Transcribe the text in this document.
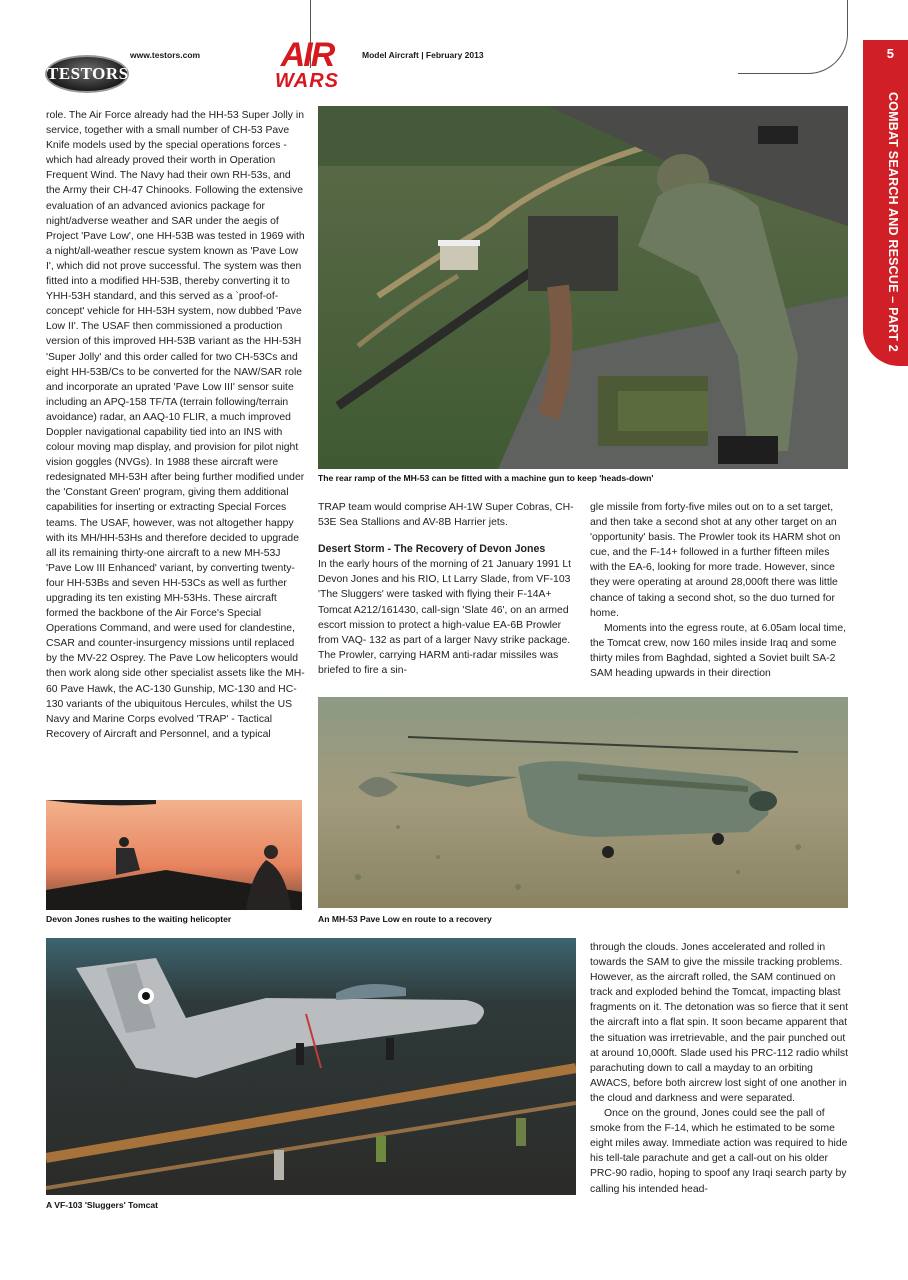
TESTORS
www.testors.com	AIR
WARS
Model Aircraft | February 2013	5
COMBAT SEARCH AND RESCUE – PART 2

role. The Air Force already had the HH-53 Super Jolly in service, together with a small number of CH-53 Pave Knife models used by the special operations forces - which had already proved their worth in Operation Frequent Wind. The Navy had their own RH-53s, and the Army their CH-47 Chinooks. Following the extensive evaluation of an advanced avionics package for night/adverse weather and SAR under the aegis of Project 'Pave Low', one HH-53B was tested in 1969 with a night/all-weather rescue system known as 'Pave Low I', which did not prove successful. The system was then fitted into a modified HH-53B, thereby converting it to YHH-53H standard, and this served as a `proof-of-concept' vehicle for HH-53H system, now dubbed 'Pave Low II'. The USAF then commissioned a production version of this improved HH-53B variant as the HH-53H 'Super Jolly' and this order called for two CH-53Cs and eight HH-53B/Cs to be converted for the NAW/SAR role and incorporate an uprated 'Pave Low III' sensor suite including an APQ-158 TF/TA (terrain following/terrain avoidance) radar, an AAQ-10 FLIR, a much improved Doppler navigational capability tied into an INS with colour moving map display, and provision for pilot night vision goggles (NVGs). In 1988 these aircraft were redesignated MH-53H after being further modified under the 'Constant Green' program, giving them additional capabilities for inserting or extracting Special Forces teams. The USAF, however, was not altogether happy with its MH/HH-53Hs and therefore decided to upgrade all its remaining thirty-one aircraft to a new MH-53J 'Pave Low III Enhanced' variant, by converting twenty-four HH-53Bs and seven HH-53Cs as well as further upgrading its ten existing MH-53Hs. These aircraft formed the backbone of the Air Force's Special Operations Command, and were used for clandestine, CSAR and counter-insurgency missions until replaced by the MV-22 Osprey. The Pave Low helicopters would then work along side other specialist assets like the MH-60 Pave Hawk, the AC-130 Gunship, MC-130 and HC-130 variants of the ubiquitous Hercules, whilst the US Navy and Marine Corps evolved 'TRAP' - Tactical Recovery of Aircraft and Personnel, and a typical

The rear ramp of the MH-53 can be fitted with a machine gun to keep 'heads-down'

TRAP team would comprise AH-1W Super Cobras, CH-53E Sea Stallions and AV-8B Harrier jets.

Desert Storm - The Recovery of Devon Jones

In the early hours of the morning of 21 January 1991 Lt Devon Jones and his RIO, Lt Larry Slade, from VF-103 'The Sluggers' were tasked with flying their F-14A+ Tomcat A212/161430, call-sign 'Slate 46', on an armed escort mission to protect a high-value EA-6B Prowler from VAQ- 132 as part of a larger Navy strike package. The Prowler, carrying HARM anti-radar missiles was briefed to fire a sin-

gle missile from forty-five miles out on to a set target, and then take a second shot at any other target on an 'opportunity' basis. The Prowler took its HARM shot on cue, and the F-14+ followed in a further fifteen miles with the EA-6, looking for more trade. However, since they were operating at around 28,000ft there was little chance of taking a second shot, so the duo turned for home.

Moments into the egress route, at 6.05am local time, the Tomcat crew, now 160 miles inside Iraq and some thirty miles from Baghdad, sighted a Soviet built SA-2 SAM heading upwards in their direction

Devon Jones rushes to the waiting helicopter	An MH-53 Pave Low en route to a recovery
A VF-103 'Sluggers' Tomcat

through the clouds. Jones accelerated and rolled in towards the SAM to give the missile tracking problems. However, as the aircraft rolled, the SAM continued on track and exploded behind the Tomcat, impacting blast fragments on it. The detonation was so fierce that it sent the aircraft into a flat spin. It soon became apparent that the situation was irretrievable, and the pair punched out at around 10,000ft. Slade used his PRC-112 radio whilst parachuting down to call a mayday to an orbiting AWACS, before both aircrew lost sight of one another in the cloud and darkness and were separated.

Once on the ground, Jones could see the pall of smoke from the F-14, which he estimated to be some eight miles away. Immediate action was required to hide his tell-tale parachute and get a call-out on his older PRC-90 radio, hoping to spoof any Iraqi search party by calling his intended head-
